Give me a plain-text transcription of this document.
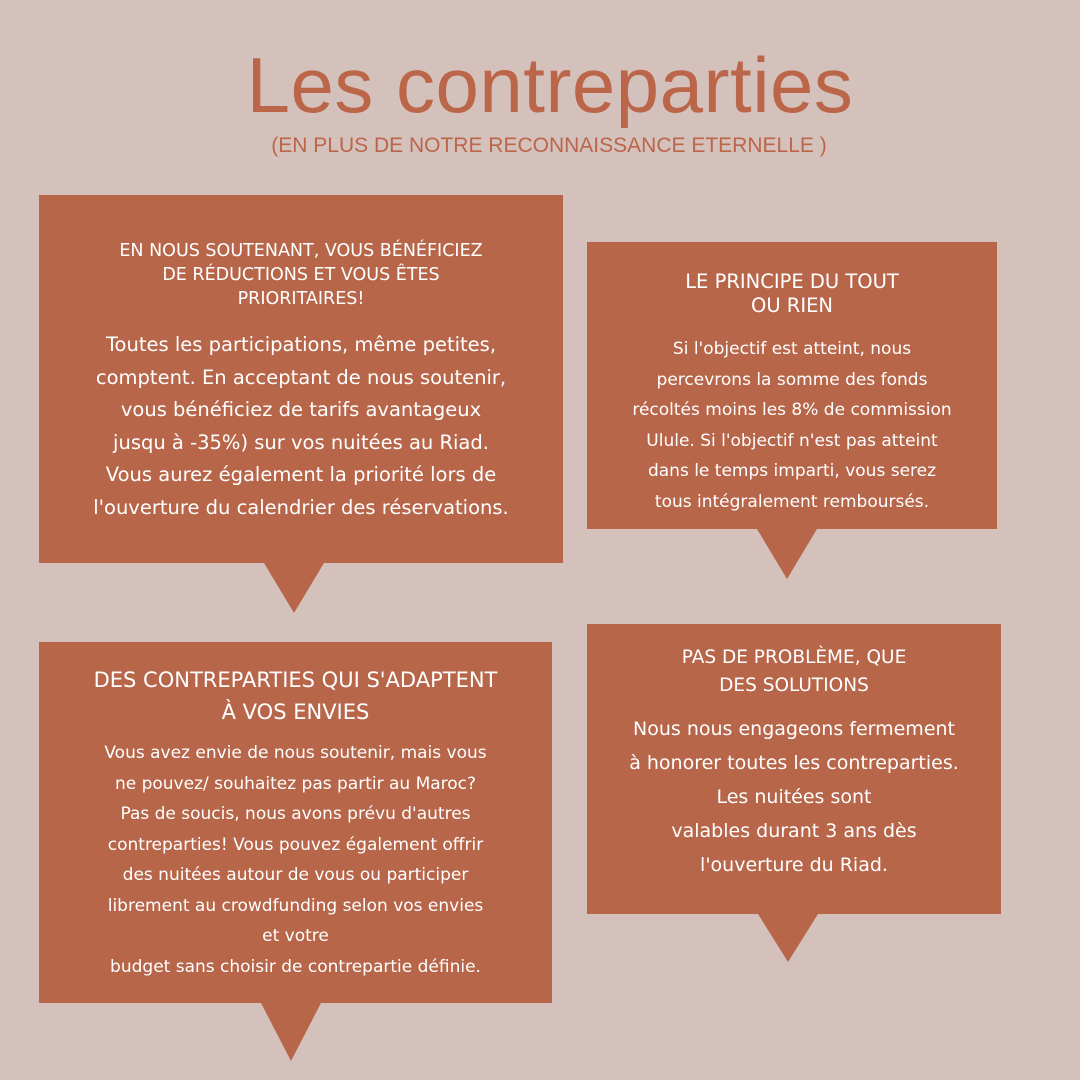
Les contreparties
(EN PLUS DE NOTRE RECONNAISSANCE ETERNELLE )
EN NOUS SOUTENANT, VOUS BÉNÉFICIEZ
DE RÉDUCTIONS ET VOUS ÊTES
PRIORITAIRES!
Toutes les participations, même petites,
comptent. En acceptant de nous soutenir,
vous bénéficiez de tarifs avantageux
jusqu à -35%) sur vos nuitées au Riad.
Vous aurez également la priorité lors de
l'ouverture du calendrier des réservations.
LE PRINCIPE DU TOUT
OU RIEN
Si l'objectif est atteint, nous
percevrons la somme des fonds
récoltés moins les 8% de commission
Ulule. Si l'objectif n'est pas atteint
dans le temps imparti, vous serez
tous intégralement remboursés.
DES CONTREPARTIES QUI S'ADAPTENT
À VOS ENVIES
Vous avez envie de nous soutenir, mais vous
ne pouvez/ souhaitez pas partir au Maroc?
Pas de soucis, nous avons prévu d'autres
contreparties! Vous pouvez également offrir
des nuitées autour de vous ou participer
librement au crowdfunding selon vos envies
et votre
budget sans choisir de contrepartie définie.
PAS DE PROBLÈME, QUE
DES SOLUTIONS
Nous nous engageons fermement
à honorer toutes les contreparties.
Les nuitées sont
valables durant 3 ans dès
l'ouverture du Riad.
